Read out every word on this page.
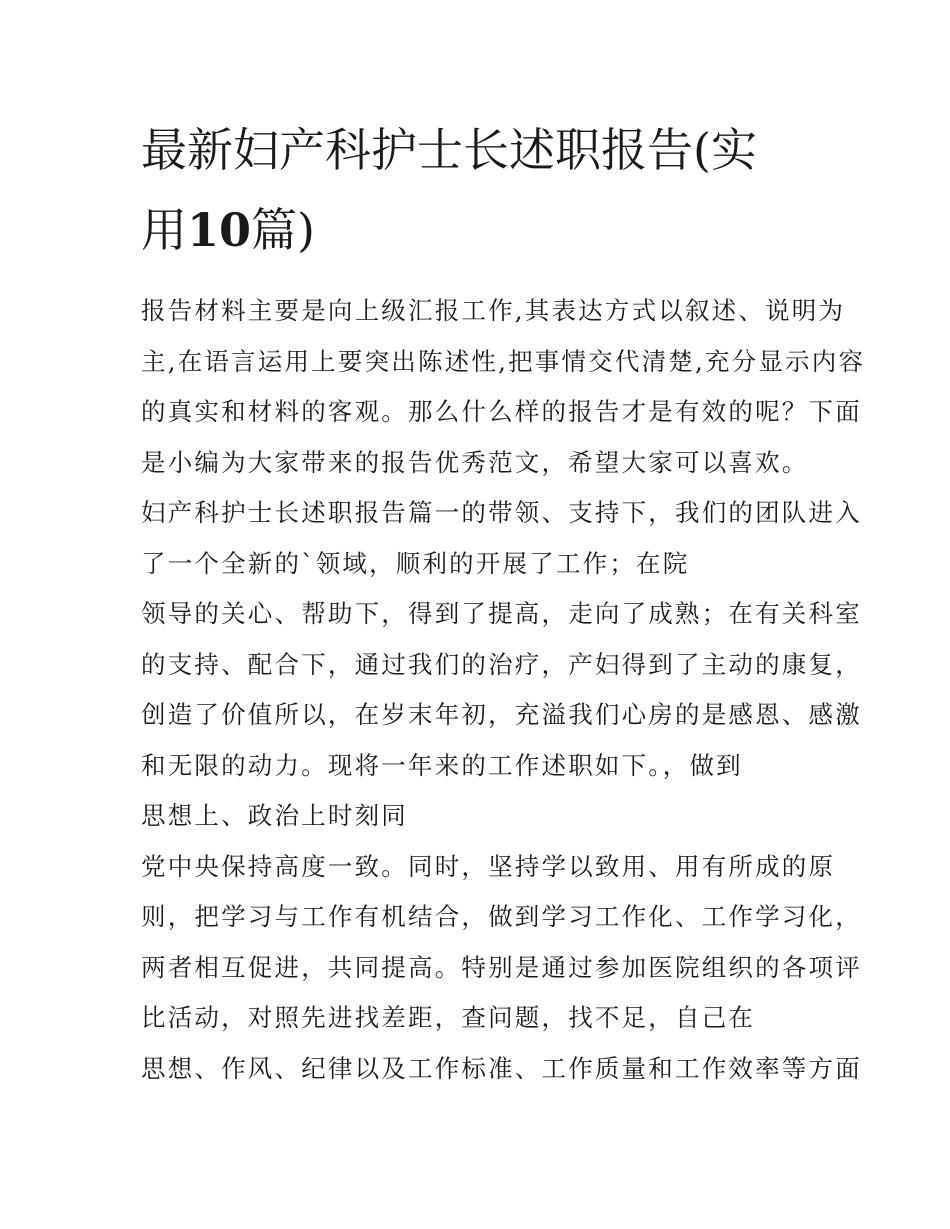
最新妇产科护士长述职报告(实
用10篇)
报告材料主要是向上级汇报工作,其表达方式以叙述、说明为
主,在语言运用上要突出陈述性,把事情交代清楚,充分显示内容
的真实和材料的客观。那么什么样的报告才是有效的呢？下面
是小编为大家带来的报告优秀范文，希望大家可以喜欢。
妇产科护士长述职报告篇一的带领、支持下，我们的团队进入
了一个全新的`领域，顺利的开展了工作；在院
领导的关心、帮助下，得到了提高，走向了成熟；在有关科室
的支持、配合下，通过我们的治疗，产妇得到了主动的康复，
创造了价值所以，在岁末年初，充溢我们心房的是感恩、感激
和无限的动力。现将一年来的工作述职如下。，做到
思想上、政治上时刻同
党中央保持高度一致。同时，坚持学以致用、用有所成的原
则，把学习与工作有机结合，做到学习工作化、工作学习化，
两者相互促进，共同提高。特别是通过参加医院组织的各项评
比活动，对照先进找差距，查问题，找不足，自己在
思想、作风、纪律以及工作标准、工作质量和工作效率等方面
